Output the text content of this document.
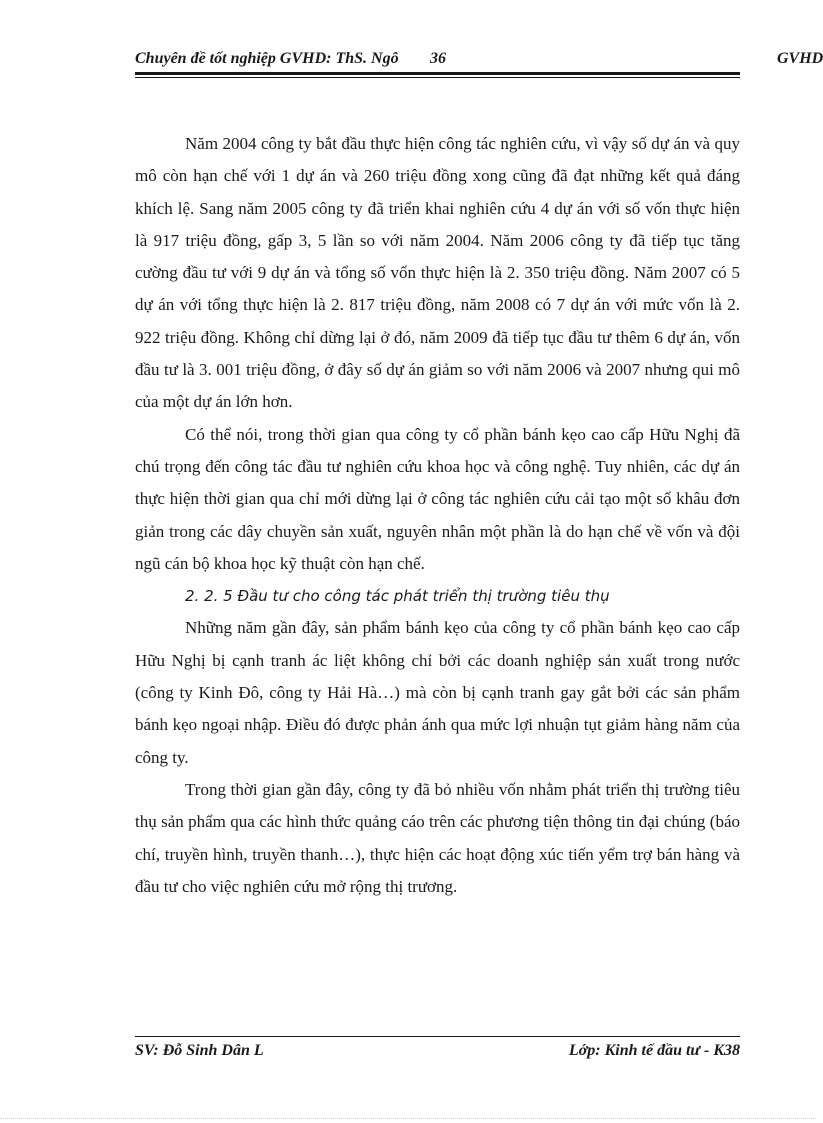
Chuyên đề tốt nghiệp GVHD: ThS. Ngô 36	GVHD

Năm 2004 công ty bắt đầu thực hiện công tác nghiên cứu, vì vậy số dự án và quy mô còn hạn chế với 1 dự án và 260 triệu đồng xong cũng đã đạt những kết quả đáng khích lệ. Sang năm 2005 công ty đã triển khai nghiên cứu 4 dự án với số vốn thực hiện là 917 triệu đồng, gấp 3, 5 lần so với năm 2004. Năm 2006 công ty đã tiếp tục tăng cường đầu tư với 9 dự án và tổng số vốn thực hiện là 2. 350 triệu đồng. Năm 2007 có 5 dự án với tổng thực hiện là 2. 817 triệu đồng, năm 2008 có 7 dự án với mức vốn là 2. 922 triệu đồng. Không chỉ dừng lại ở đó, năm 2009 đã tiếp tục đầu tư thêm 6 dự án, vốn đầu tư là 3. 001 triệu đồng, ở đây số dự án giảm so với năm 2006 và 2007 nhưng qui mô của một dự án lớn hơn.

Có thể nói, trong thời gian qua công ty cổ phần bánh kẹo cao cấp Hữu Nghị đã chú trọng đến công tác đầu tư nghiên cứu khoa học và công nghệ. Tuy nhiên, các dự án thực hiện thời gian qua chỉ mới dừng lại ở công tác nghiên cứu cải tạo một số khâu đơn giản trong các dây chuyền sản xuất, nguyên nhân một phần là do hạn chế về vốn và đội ngũ cán bộ khoa học kỹ thuật còn hạn chế.

2. 2. 5 Đầu tư cho công tác phát triển thị trường tiêu thụ

Những năm gần đây, sản phẩm bánh kẹo của công ty cổ phần bánh kẹo cao cấp Hữu Nghị bị cạnh tranh ác liệt không chỉ bởi các doanh nghiệp sản xuất trong nước (công ty Kinh Đô, công ty Hải Hà…) mà còn bị cạnh tranh gay gắt bởi các sản phẩm bánh kẹo ngoại nhập. Điều đó được phản ánh qua mức lợi nhuận tụt giảm hàng năm của công ty.

Trong thời gian gần đây, công ty đã bỏ nhiều vốn nhằm phát triển thị trường tiêu thụ sản phẩm qua các hình thức quảng cáo trên các phương tiện thông tin đại chúng (báo chí, truyền hình, truyền thanh…), thực hiện các hoạt động xúc tiến yểm trợ bán hàng và đầu tư cho việc nghiên cứu mở rộng thị trương.

SV: Đỗ Sinh Dân L	Lớp: Kinh tế đầu tư - K38
